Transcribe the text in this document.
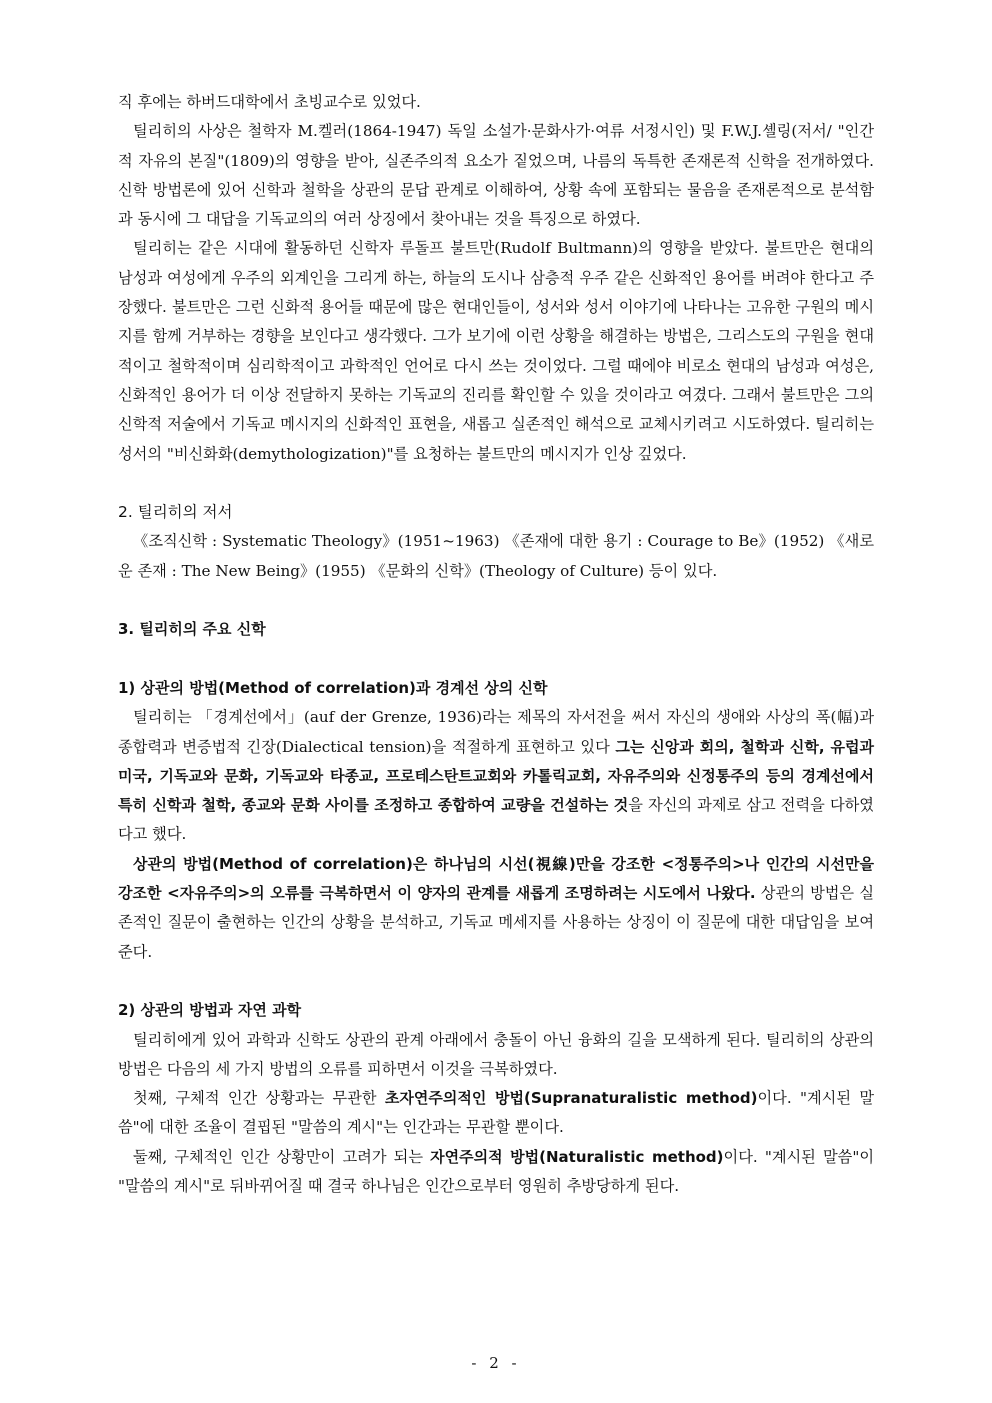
직 후에는 하버드대학에서 초빙교수로 있었다.

틸리히의 사상은 철학자 M.켈러(1864-1947) 독일 소설가·문화사가·여류 서정시인) 및 F.W.J.셸링(저서/ "인간적 자유의 본질"(1809)의 영향을 받아, 실존주의적 요소가 짙었으며, 나름의 독특한 존재론적 신학을 전개하였다. 신학 방법론에 있어 신학과 철학을 상관의 문답 관계로 이해하여, 상황 속에 포함되는 물음을 존재론적으로 분석함과 동시에 그 대답을 기독교의의 여러 상징에서 찾아내는 것을 특징으로 하였다.

틸리히는 같은 시대에 활동하던 신학자 루돌프 불트만(Rudolf Bultmann)의 영향을 받았다. 불트만은 현대의 남성과 여성에게 우주의 외계인을 그리게 하는, 하늘의 도시나 삼층적 우주 같은 신화적인 용어를 버려야 한다고 주장했다. 불트만은 그런 신화적 용어들 때문에 많은 현대인들이, 성서와 성서 이야기에 나타나는 고유한 구원의 메시지를 함께 거부하는 경향을 보인다고 생각했다. 그가 보기에 이런 상황을 해결하는 방법은, 그리스도의 구원을 현대적이고 철학적이며 심리학적이고 과학적인 언어로 다시 쓰는 것이었다. 그럴 때에야 비로소 현대의 남성과 여성은, 신화적인 용어가 더 이상 전달하지 못하는 기독교의 진리를 확인할 수 있을 것이라고 여겼다. 그래서 불트만은 그의 신학적 저술에서 기독교 메시지의 신화적인 표현을, 새롭고 실존적인 해석으로 교체시키려고 시도하였다. 틸리히는 성서의 "비신화화(demythologization)"를 요청하는 불트만의 메시지가 인상 깊었다.

2. 틸리히의 저서

《조직신학 : Systematic Theology》(1951~1963) 《존재에 대한 용기 : Courage to Be》(1952) 《새로운 존재 : The New Being》(1955) 《문화의 신학》(Theology of Culture) 등이 있다.

3. 틸리히의 주요 신학

1) 상관의 방법(Method of correlation)과 경계선 상의 신학

틸리히는 「경계선에서」(auf der Grenze, 1936)라는 제목의 자서전을 써서 자신의 생애와 사상의 폭(幅)과 종합력과 변증법적 긴장(Dialectical tension)을 적절하게 표현하고 있다 그는 신앙과 회의, 철학과 신학, 유럽과 미국, 기독교와 문화, 기독교와 타종교, 프로테스탄트교회와 카톨릭교회, 자유주의와 신정통주의 등의 경계선에서 특히 신학과 철학, 종교와 문화 사이를 조정하고 종합하여 교량을 건설하는 것을 자신의 과제로 삼고 전력을 다하였다고 했다.

상관의 방법(Method of correlation)은 하나님의 시선(視線)만을 강조한 <정통주의>나 인간의 시선만을 강조한 <자유주의>의 오류를 극복하면서 이 양자의 관계를 새롭게 조명하려는 시도에서 나왔다. 상관의 방법은 실존적인 질문이 출현하는 인간의 상황을 분석하고, 기독교 메세지를 사용하는 상징이 이 질문에 대한 대답임을 보여준다.

2) 상관의 방법과 자연 과학

틸리히에게 있어 과학과 신학도 상관의 관계 아래에서 충돌이 아닌 융화의 길을 모색하게 된다. 틸리히의 상관의 방법은 다음의 세 가지 방법의 오류를 피하면서 이것을 극복하였다.

첫째, 구체적 인간 상황과는 무관한 초자연주의적인 방법(Supranaturalistic method)이다. "계시된 말씀"에 대한 조율이 결핍된 "말씀의 계시"는 인간과는 무관할 뿐이다.

둘째, 구체적인 인간 상황만이 고려가 되는 자연주의적 방법(Naturalistic method)이다. "계시된 말씀"이 "말씀의 계시"로 뒤바뀌어질 때 결국 하나님은 인간으로부터 영원히 추방당하게 된다.

- 2 -
